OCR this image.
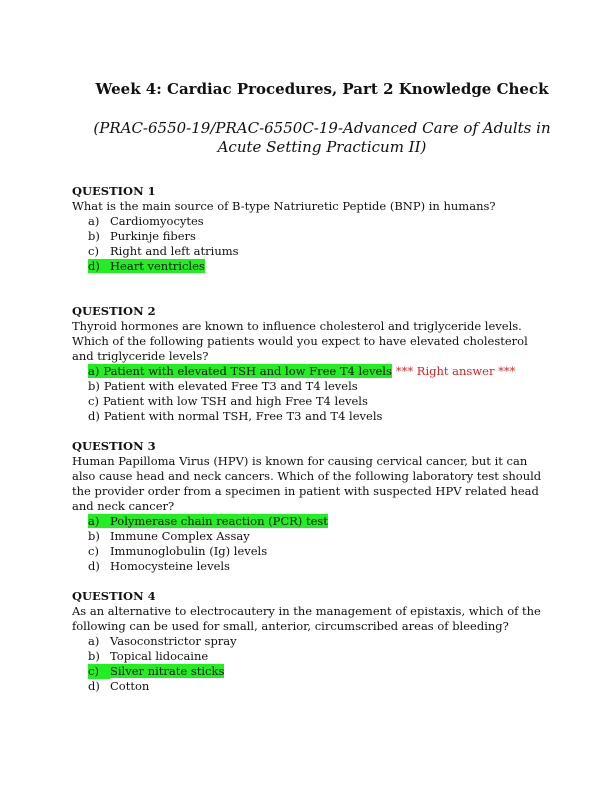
Week 4: Cardiac Procedures, Part 2 Knowledge Check
(PRAC-6550-19/PRAC-6550C-19-Advanced Care of Adults in
Acute Setting Practicum II)
QUESTION 1
What is the main source of B-type Natriuretic Peptide (BNP) in humans?
a) Cardiomyocytes
b) Purkinje fibers
c) Right and left atriums
d) Heart ventricles
QUESTION 2
Thyroid hormones are known to influence cholesterol and triglyceride levels. Which of the following patients would you expect to have elevated cholesterol and triglyceride levels?
a) Patient with elevated TSH and low Free T4 levels *** Right answer ***
b) Patient with elevated Free T3 and T4 levels
c) Patient with low TSH and high Free T4 levels
d) Patient with normal TSH, Free T3 and T4 levels
QUESTION 3
Human Papilloma Virus (HPV) is known for causing cervical cancer, but it can also cause head and neck cancers. Which of the following laboratory test should the provider order from a specimen in patient with suspected HPV related head and neck cancer?
a) Polymerase chain reaction (PCR) test
b) Immune Complex Assay
c) Immunoglobulin (Ig) levels
d) Homocysteine levels
QUESTION 4
As an alternative to electrocautery in the management of epistaxis, which of the following can be used for small, anterior, circumscribed areas of bleeding?
a) Vasoconstrictor spray
b) Topical lidocaine
c) Silver nitrate sticks
d) Cotton
